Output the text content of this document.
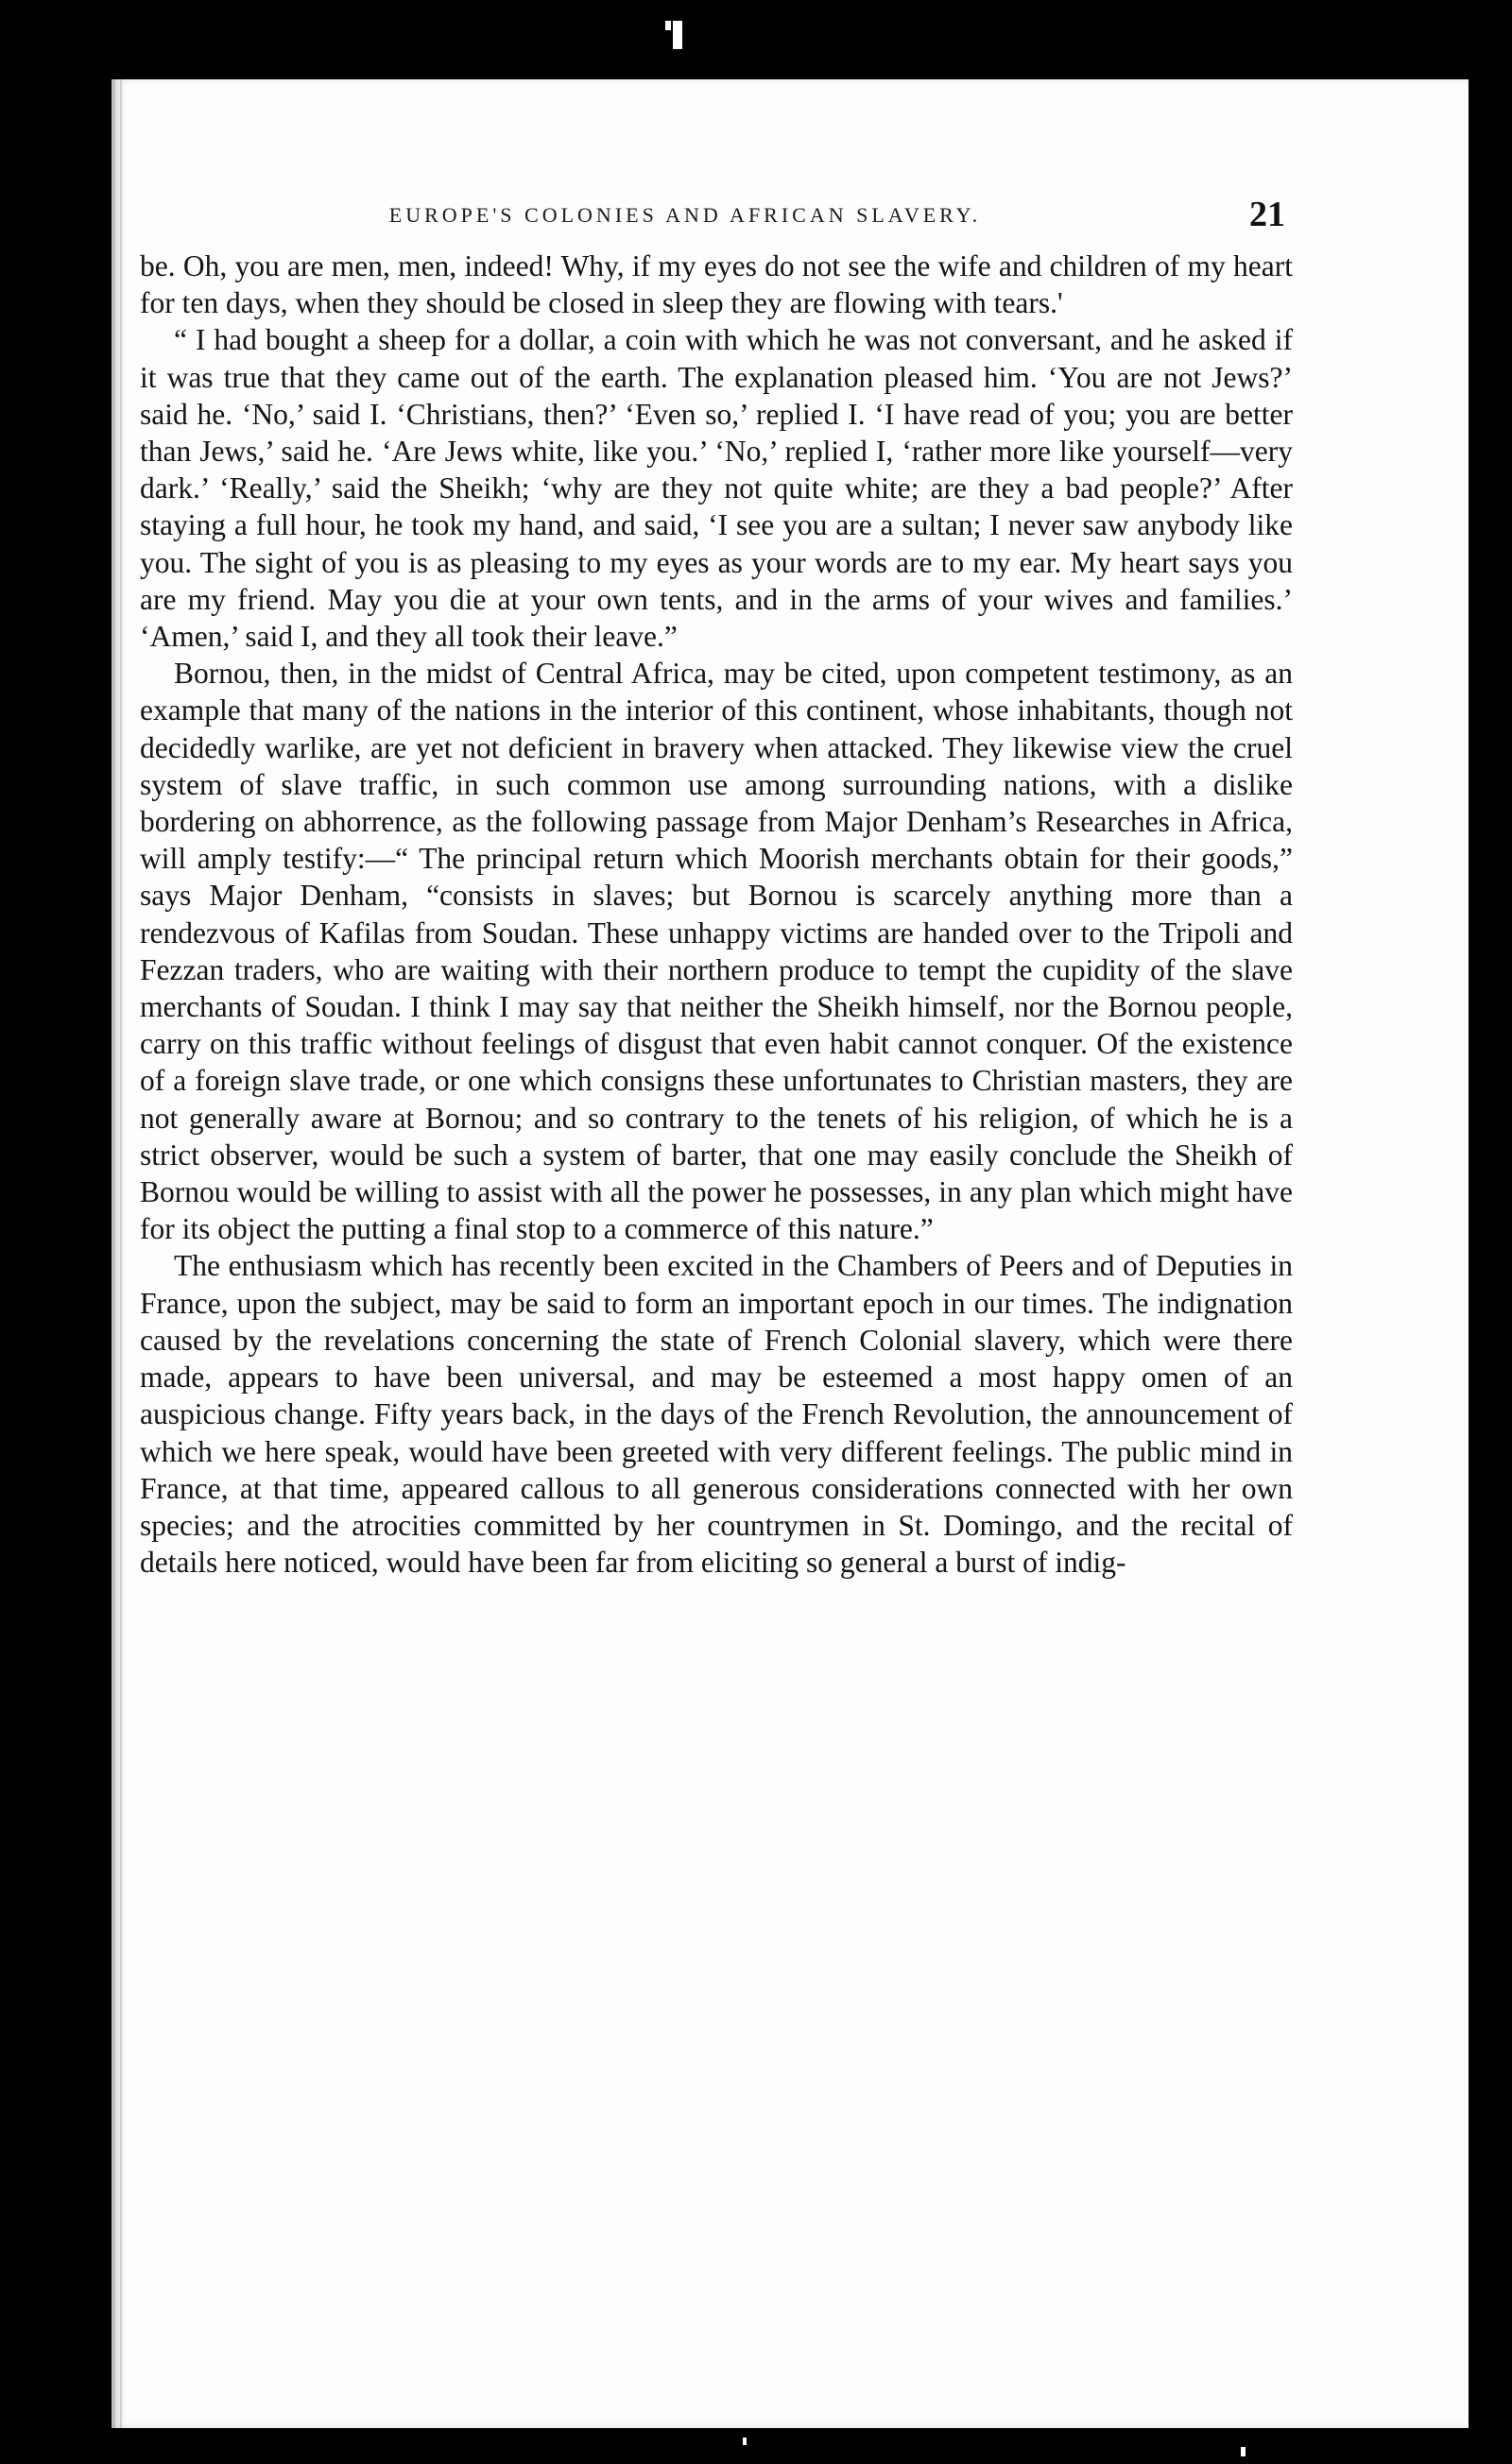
EUROPE'S COLONIES AND AFRICAN SLAVERY.	21

be. Oh, you are men, men, indeed! Why, if my eyes do not see the wife and children of my heart for ten days, when they should be closed in sleep they are flowing with tears.'

“ I had bought a sheep for a dollar, a coin with which he was not conversant, and he asked if it was true that they came out of the earth. The explanation pleased him. ‘You are not Jews?’ said he. ‘No,’ said I. ‘Christians, then?’ ‘Even so,’ replied I. ‘I have read of you; you are better than Jews,’ said he. ‘Are Jews white, like you.’ ‘No,’ replied I, ‘rather more like yourself—very dark.’ ‘Really,’ said the Sheikh; ‘why are they not quite white; are they a bad people?’ After staying a full hour, he took my hand, and said, ‘I see you are a sultan; I never saw anybody like you. The sight of you is as pleasing to my eyes as your words are to my ear. My heart says you are my friend. May you die at your own tents, and in the arms of your wives and families.’ ‘Amen,’ said I, and they all took their leave.”

Bornou, then, in the midst of Central Africa, may be cited, upon competent testimony, as an example that many of the nations in the interior of this continent, whose inhabitants, though not decidedly warlike, are yet not deficient in bravery when attacked. They likewise view the cruel system of slave traffic, in such common use among surrounding nations, with a dislike bordering on abhorrence, as the following passage from Major Denham’s Researches in Africa, will amply testify:—“ The principal return which Moorish merchants obtain for their goods,” says Major Denham, “consists in slaves; but Bornou is scarcely anything more than a rendezvous of Kafilas from Soudan. These unhappy victims are handed over to the Tripoli and Fezzan traders, who are waiting with their northern produce to tempt the cupidity of the slave merchants of Soudan. I think I may say that neither the Sheikh himself, nor the Bornou people, carry on this traffic without feelings of disgust that even habit cannot conquer. Of the existence of a foreign slave trade, or one which consigns these unfortunates to Christian masters, they are not generally aware at Bornou; and so contrary to the tenets of his religion, of which he is a strict observer, would be such a system of barter, that one may easily conclude the Sheikh of Bornou would be willing to assist with all the power he possesses, in any plan which might have for its object the putting a final stop to a commerce of this nature.”

The enthusiasm which has recently been excited in the Chambers of Peers and of Deputies in France, upon the subject, may be said to form an important epoch in our times. The indignation caused by the revelations concerning the state of French Colonial slavery, which were there made, appears to have been universal, and may be esteemed a most happy omen of an auspicious change. Fifty years back, in the days of the French Revolution, the announcement of which we here speak, would have been greeted with very different feelings. The public mind in France, at that time, appeared callous to all generous considerations connected with her own species; and the atrocities committed by her countrymen in St. Domingo, and the recital of details here noticed, would have been far from eliciting so general a burst of indig-
